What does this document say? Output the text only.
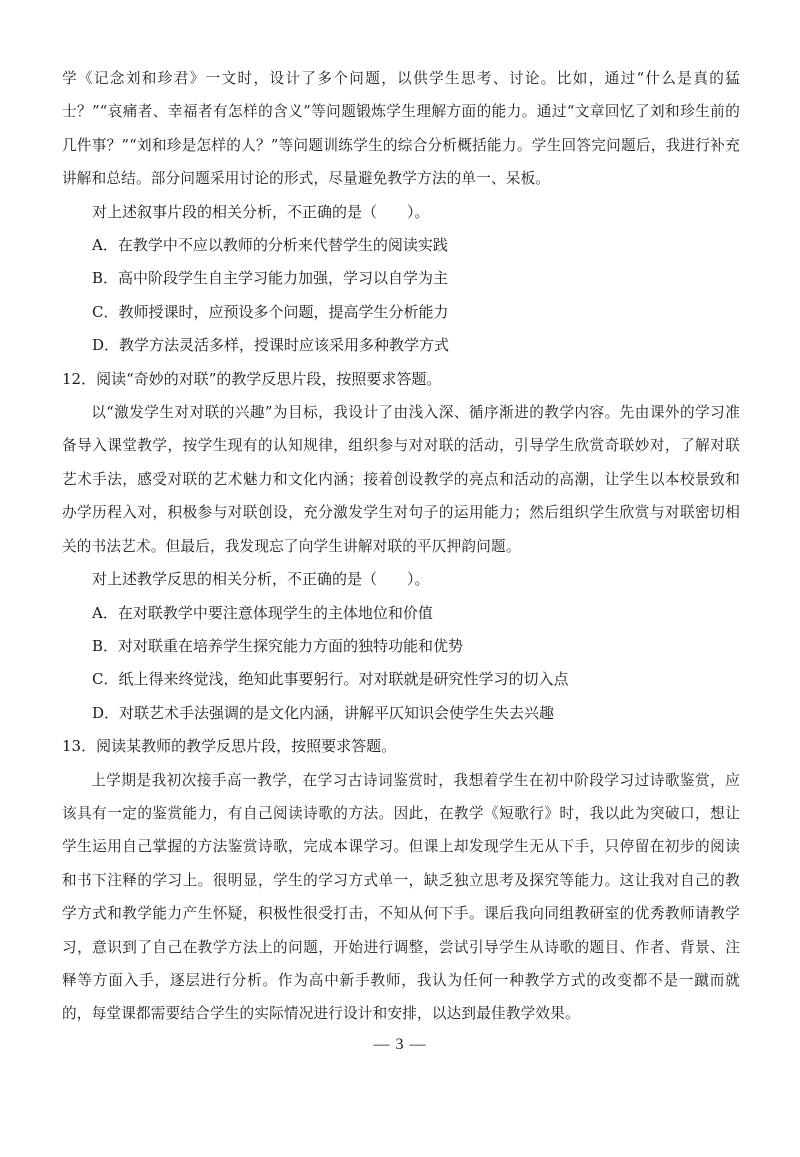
学《记念刘和珍君》一文时，设计了多个问题，以供学生思考、讨论。比如，通过“什么是真的猛士？”“哀痛者、幸福者有怎样的含义”等问题锻炼学生理解方面的能力。通过“文章回忆了刘和珍生前的几件事？”“刘和珍是怎样的人？”等问题训练学生的综合分析概括能力。学生回答完问题后，我进行补充讲解和总结。部分问题采用讨论的形式，尽量避免教学方法的单一、呆板。

对上述叙事片段的相关分析，不正确的是（　　）。

A．在教学中不应以教师的分析来代替学生的阅读实践

B．高中阶段学生自主学习能力加强，学习以自学为主

C．教师授课时，应预设多个问题，提高学生分析能力

D．教学方法灵活多样，授课时应该采用多种教学方式

12．阅读“奇妙的对联”的教学反思片段，按照要求答题。

以“激发学生对对联的兴趣”为目标，我设计了由浅入深、循序渐进的教学内容。先由课外的学习准备导入课堂教学，按学生现有的认知规律，组织参与对对联的活动，引导学生欣赏奇联妙对，了解对联艺术手法，感受对联的艺术魅力和文化内涵；接着创设教学的亮点和活动的高潮，让学生以本校景致和办学历程入对，积极参与对联创设，充分激发学生对句子的运用能力；然后组织学生欣赏与对联密切相关的书法艺术。但最后，我发现忘了向学生讲解对联的平仄押韵问题。

对上述教学反思的相关分析，不正确的是（　　）。

A．在对联教学中要注意体现学生的主体地位和价值

B．对对联重在培养学生探究能力方面的独特功能和优势

C．纸上得来终觉浅，绝知此事要躬行。对对联就是研究性学习的切入点

D．对联艺术手法强调的是文化内涵，讲解平仄知识会使学生失去兴趣

13．阅读某教师的教学反思片段，按照要求答题。

上学期是我初次接手高一教学，在学习古诗词鉴赏时，我想着学生在初中阶段学习过诗歌鉴赏，应该具有一定的鉴赏能力，有自己阅读诗歌的方法。因此，在教学《短歌行》时，我以此为突破口，想让学生运用自己掌握的方法鉴赏诗歌，完成本课学习。但课上却发现学生无从下手，只停留在初步的阅读和书下注释的学习上。很明显，学生的学习方式单一，缺乏独立思考及探究等能力。这让我对自己的教学方式和教学能力产生怀疑，积极性很受打击，不知从何下手。课后我向同组教研室的优秀教师请教学习，意识到了自己在教学方法上的问题，开始进行调整，尝试引导学生从诗歌的题目、作者、背景、注释等方面入手，逐层进行分析。作为高中新手教师，我认为任何一种教学方式的改变都不是一蹴而就的，每堂课都需要结合学生的实际情况进行设计和安排，以达到最佳教学效果。

— 3 —
